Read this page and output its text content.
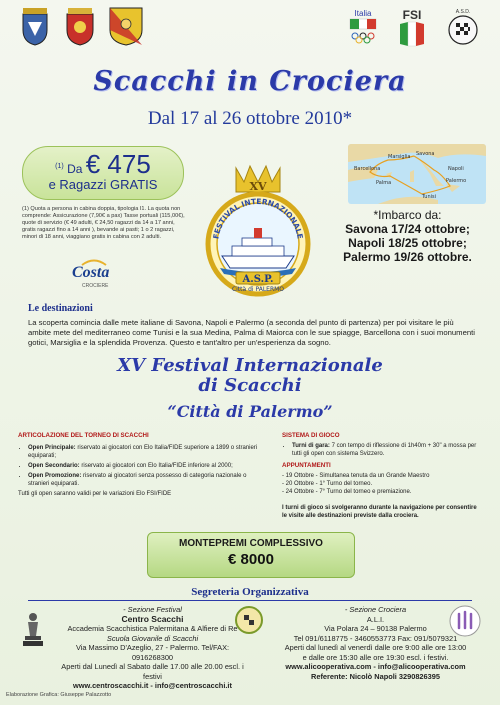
Italia	FSI	A.S.D.
Scacchi in Crociera
Dal 17 al 26 ottobre 2010*
$^{(1)}$ Da € 475
e Ragazzi GRATIS
(1) Quota a persona in cabina doppia, tipologia I1. La quota non comprende: Assicurazione (7,90€ a pax) Tasse portuali (115,00€), quote di servizio (€ 49 adulti, € 24,50 ragazzi da 14 a 17 anni, gratis ragazzi fino a 14 anni ), bevande ai pasti; 1 o 2 ragazzi, minori di 18 anni, viaggiano gratis in cabina con 2 adulti.
Costa
CROCIERE
XV
FESTIVAL INTERNAZIONALE
A.S.P.
Città di PALERMO
Savona
Barcellona
Marsiglia
Palermo
Napoli
Tunisi
Palma
*Imbarco da:
Savona 17/24 ottobre;
Napoli 18/25 ottobre;
Palermo 19/26 ottobre.
Le destinazioni
La scoperta comincia dalle mete italiane di Savona, Napoli e Palermo (a seconda del punto di partenza) per poi visitare le più ambite mete del mediterraneo come Tunisi e la sua Medina, Palma di Maiorca con le sue spiagge, Barcellona con i suoi monumenti gotici, Marsiglia e la splendida Provenza. Questo e tant'altro per un'esperienza da sogno.
XV Festival Internazionale
di Scacchi
“Città di Palermo”
ARTICOLAZIONE DEL TORNEO DI SCACCHI
• Open Principale: riservato ai giocatori con Elo Italia/FIDE superiore a 1899 o stranieri equiparati;
• Open Secondario: riservato ai giocatori con Elo Italia/FIDE inferiore al 2000;
• Open Promozione: riservato ai giocatori senza possesso di categoria nazionale o stranieri equiparati.
Tutti gli open saranno validi per le variazioni Elo FSI/FIDE
SISTEMA DI GIOCO
• Turni di gara: 7 con tempo di riflessione di 1h40m + 30" a mossa per tutti gli open con sistema Svizzero.
APPUNTAMENTI
- 19 Ottobre - Simultanea tenuta da un Grande Maestro
- 20 Ottobre - 1° Turno del torneo.
- 24 Ottobre - 7° Turno del torneo e premiazione.
I turni di gioco si svolgeranno durante la navigazione per consentire le visite alle destinazioni previste dalla crociera.
MONTEPREMI COMPLESSIVO
€ 8000
Segreteria Organizzativa
- Sezione Festival
Centro Scacchi
Accademia Scacchistica Palermitana & Alfiere di Re
Scuola Giovanile di Scacchi
Via Massimo D'Azeglio, 27 - Palermo. Tel/FAX: 0916268300
Aperti dal Lunedì al Sabato dalle 17.00 alle 20.00 escl. i festivi
www.centroscacchi.it - info@centroscacchi.it
- Sezione Crociera
A.L.I.
Via Polara 24 – 90138 Palermo
Tel 091/6118775 - 3460553773 Fax: 091/5079321
Aperti dal lunedì al venerdì dalle ore 9:00 alle ore 13:00
e dalle ore 15:30 alle ore 19:30 escl. i festivi.
www.alicooperativa.com - info@alicooperativa.com
Referente: Nicolò Napoli 3290826395
Elaborazione Grafica: Giuseppe Palazzotto
